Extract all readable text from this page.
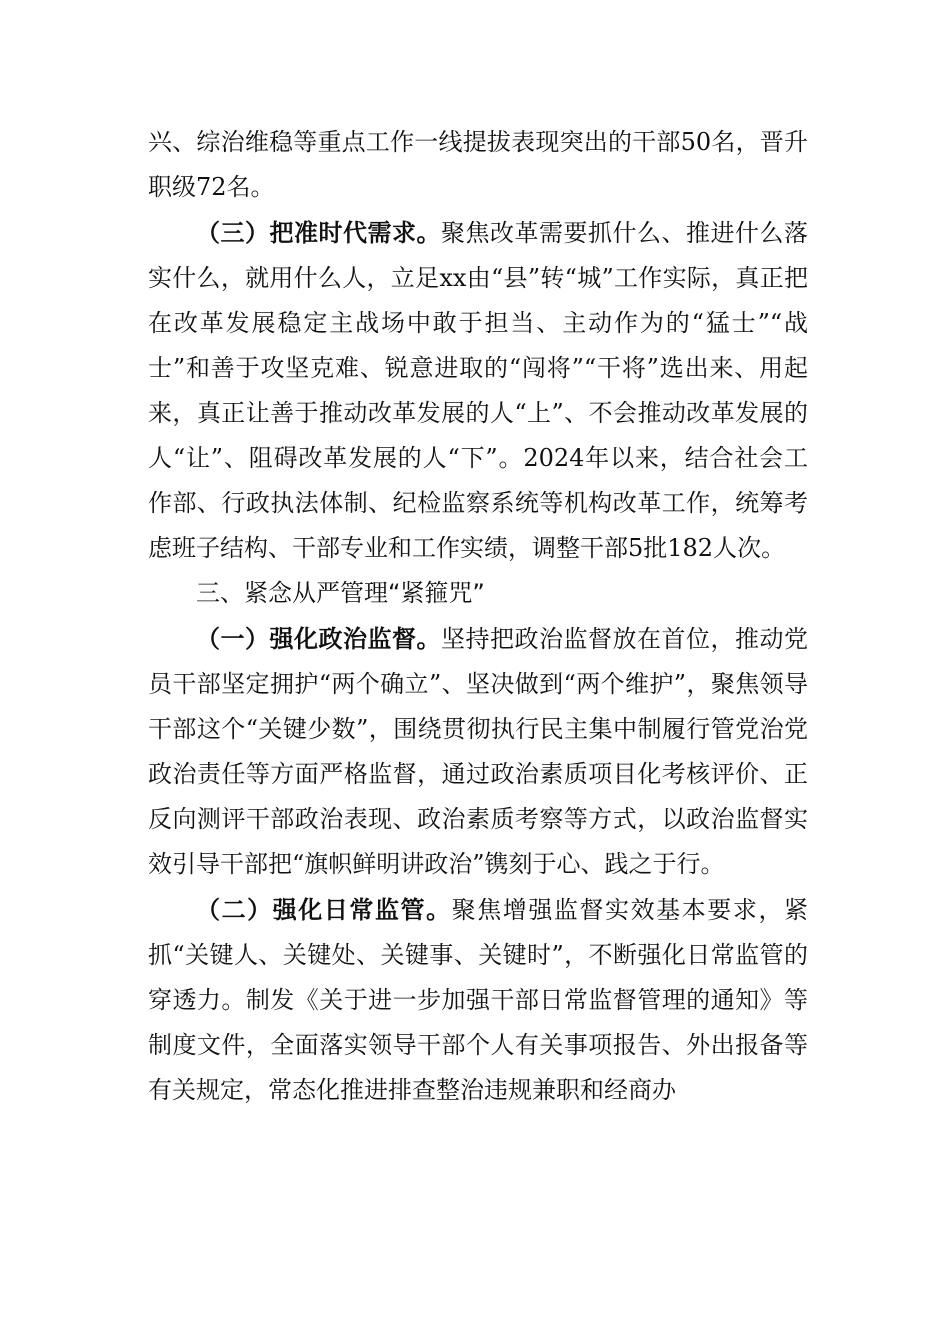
兴、综治维稳等重点工作一线提拔表现突出的干部50名，晋升职级72名。

（三）把准时代需求。聚焦改革需要抓什么、推进什么落实什么，就用什么人，立足xx由“县”转“城”工作实际，真正把在改革发展稳定主战场中敢于担当、主动作为的“猛士”“战士”和善于攻坚克难、锐意进取的“闯将”“干将”选出来、用起来，真正让善于推动改革发展的人“上”、不会推动改革发展的人“让”、阻碍改革发展的人“下”。2024年以来，结合社会工作部、行政执法体制、纪检监察系统等机构改革工作，统筹考虑班子结构、干部专业和工作实绩，调整干部5批182人次。

三、紧念从严管理“紧箍咒”

（一）强化政治监督。坚持把政治监督放在首位，推动党员干部坚定拥护“两个确立”、坚决做到“两个维护”，聚焦领导干部这个“关键少数”，围绕贯彻执行民主集中制履行管党治党政治责任等方面严格监督，通过政治素质项目化考核评价、正反向测评干部政治表现、政治素质考察等方式，以政治监督实效引导干部把“旗帜鲜明讲政治”镌刻于心、践之于行。

（二）强化日常监管。聚焦增强监督实效基本要求，紧抓“关键人、关键处、关键事、关键时”，不断强化日常监管的穿透力。制发《关于进一步加强干部日常监督管理的通知》等制度文件，全面落实领导干部个人有关事项报告、外出报备等有关规定，常态化推进排查整治违规兼职和经商办
